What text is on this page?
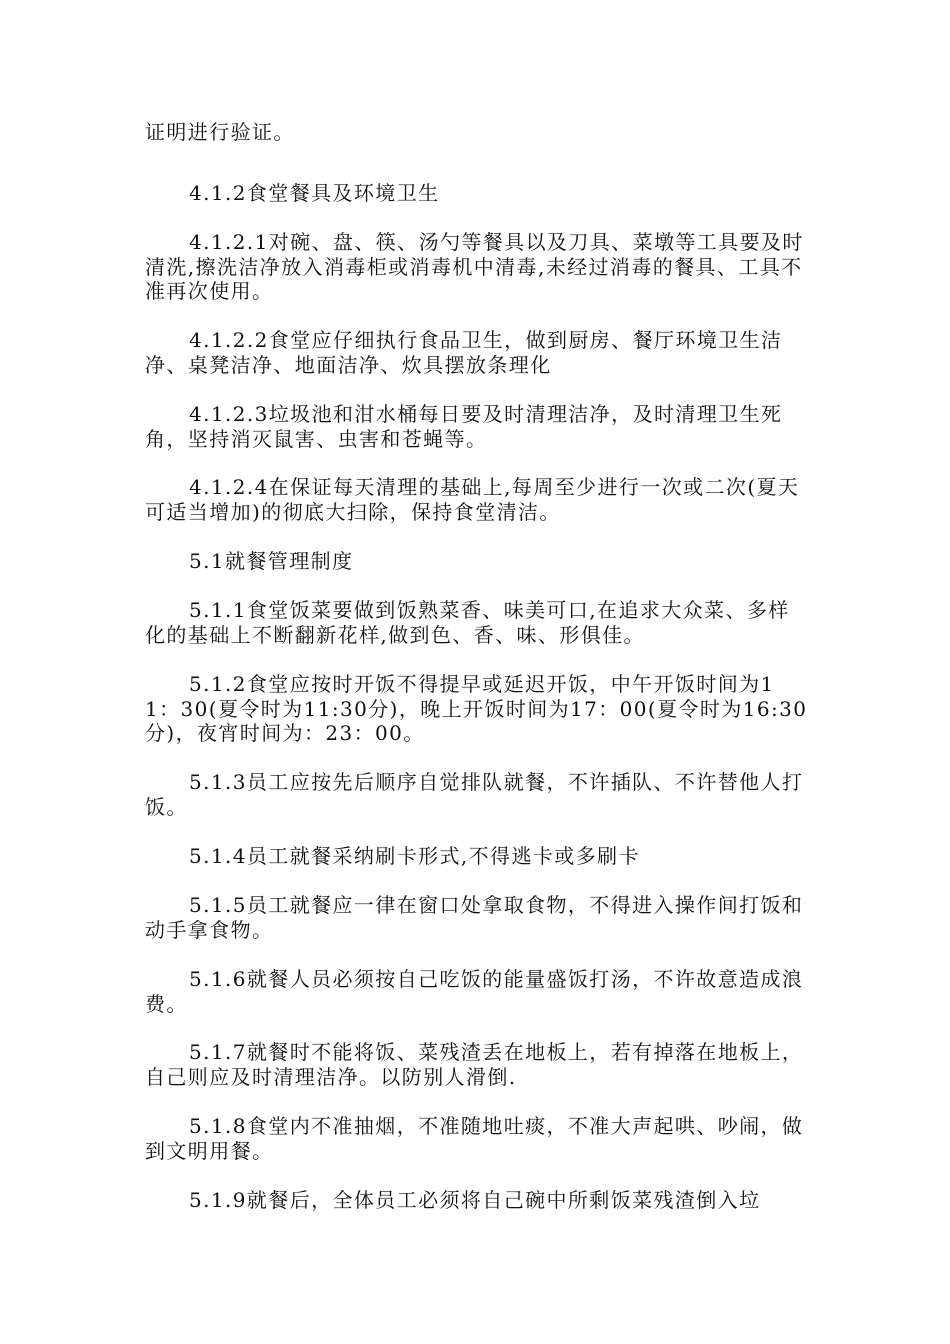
证明进行验证。

4.1.2食堂餐具及环境卫生

4.1.2.1对碗、盘、筷、汤勺等餐具以及刀具、菜墩等工具要及时清洗,擦洗洁净放入消毒柜或消毒机中清毒,未经过消毒的餐具、工具不准再次使用。

4.1.2.2食堂应仔细执行食品卫生，做到厨房、餐厅环境卫生洁净、桌凳洁净、地面洁净、炊具摆放条理化

4.1.2.3垃圾池和泔水桶每日要及时清理洁净，及时清理卫生死角，坚持消灭鼠害、虫害和苍蝇等。

4.1.2.4在保证每天清理的基础上,每周至少进行一次或二次(夏天可适当增加)的彻底大扫除，保持食堂清洁。

5.1就餐管理制度

5.1.1食堂饭菜要做到饭熟菜香、味美可口,在追求大众菜、多样化的基础上不断翻新花样,做到色、香、味、形俱佳。

5.1.2食堂应按时开饭不得提早或延迟开饭，中午开饭时间为11：30(夏令时为11:30分)，晚上开饭时间为17：00(夏令时为16:30分)，夜宵时间为：23：00。

5.1.3员工应按先后顺序自觉排队就餐，不许插队、不许替他人打饭。

5.1.4员工就餐采纳刷卡形式,不得逃卡或多刷卡

5.1.5员工就餐应一律在窗口处拿取食物，不得进入操作间打饭和动手拿食物。

5.1.6就餐人员必须按自己吃饭的能量盛饭打汤，不许故意造成浪费。

5.1.7就餐时不能将饭、菜残渣丢在地板上，若有掉落在地板上，自己则应及时清理洁净。以防别人滑倒.

5.1.8食堂内不准抽烟，不准随地吐痰，不准大声起哄、吵闹，做到文明用餐。

5.1.9就餐后，全体员工必须将自己碗中所剩饭菜残渣倒入垃
